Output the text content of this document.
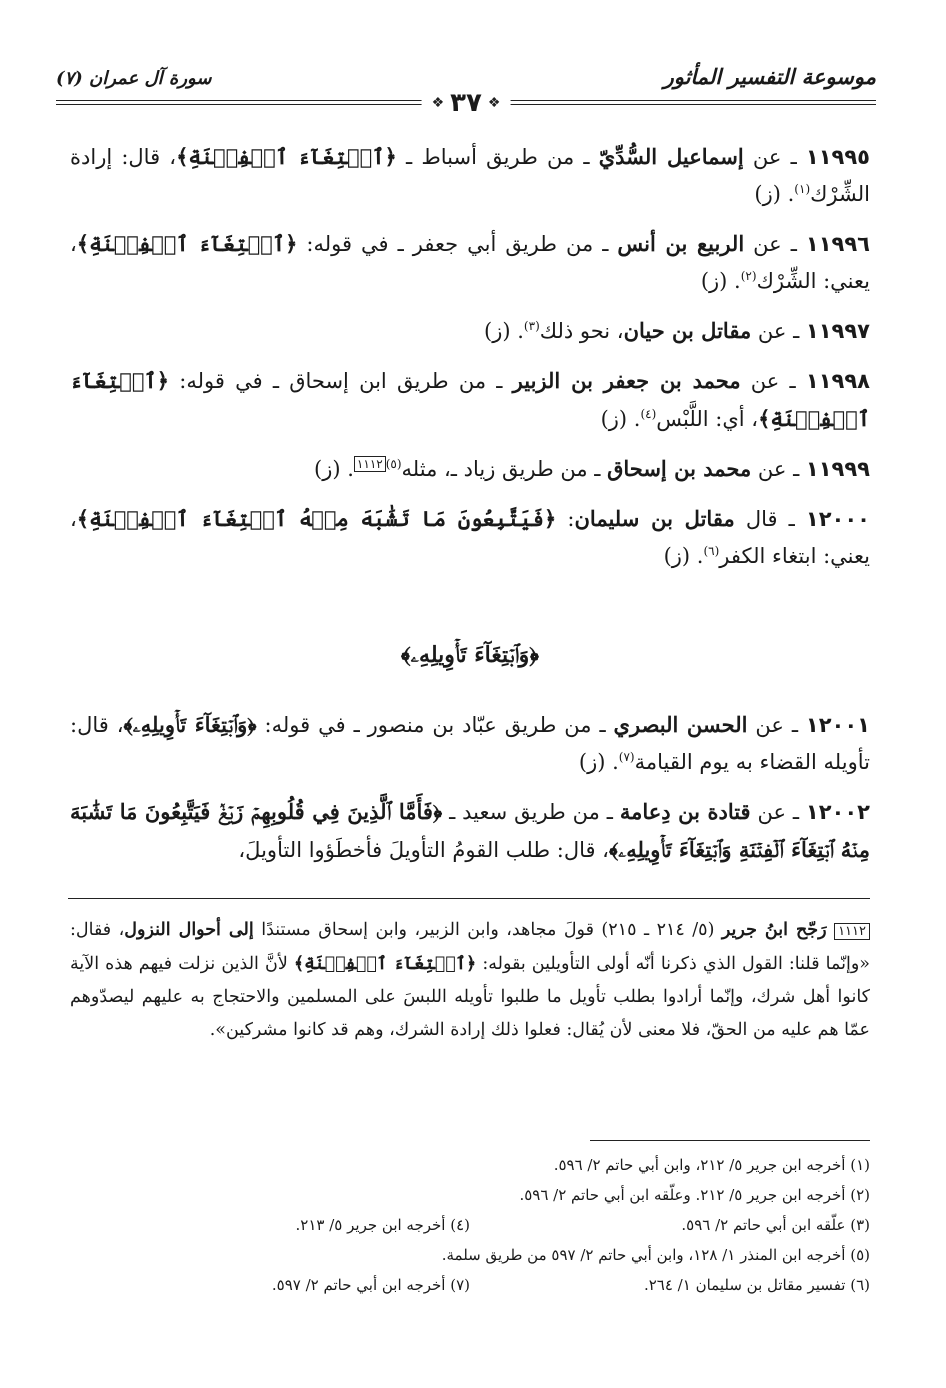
موسوعة التفسير المأثور
سورة آل عمران (٧)
❖
٣٧
❖
١١٩٩٥ ـ عن إسماعيل السُّدِّيّ ـ من طريق أسباط ـ ﴿ٱبۡتِغَآءَ ٱلۡفِتۡنَةِ﴾، قال: إرادة الشِّرْك$^{(١)}$. (ز)
١١٩٩٦ ـ عن الربيع بن أنس ـ من طريق أبي جعفر ـ في قوله: ﴿ٱبۡتِغَآءَ ٱلۡفِتۡنَةِ﴾، يعني: الشِّرْك$^{(٢)}$. (ز)
١١٩٩٧ ـ عن مقاتل بن حيان، نحو ذلك$^{(٣)}$. (ز)
١١٩٩٨ ـ عن محمد بن جعفر بن الزبير ـ من طريق ابن إسحاق ـ في قوله: ﴿ٱبۡتِغَآءَ ٱلۡفِتۡنَةِ﴾، أي: اللَّبْس$^{(٤)}$. (ز)
١١٩٩٩ ـ عن محمد بن إسحاق ـ من طريق زياد ـ، مثله$^{(٥)١١١٢}$. (ز)
١٢٠٠٠ ـ قال مقاتل بن سليمان: ﴿فَيَتَّبِعُونَ مَا تَشَٰبَهَ مِنۡهُ ٱبۡتِغَآءَ ٱلۡفِتۡنَةِ﴾، يعني: ابتغاء الكفر$^{(٦)}$. (ز)
﴿وَٱبۡتِغَآءَ تَأۡوِيلِهِۦ﴾
١٢٠٠١ ـ عن الحسن البصري ـ من طريق عبّاد بن منصور ـ في قوله: ﴿وَٱبۡتِغَآءَ تَأۡوِيلِهِۦ﴾، قال: تأويله القضاء به يوم القيامة$^{(٧)}$. (ز)
١٢٠٠٢ ـ عن قتادة بن دِعامة ـ من طريق سعيد ـ ﴿فَأَمَّا ٱلَّذِينَ فِي قُلُوبِهِمۡ زَيۡغٞ فَيَتَّبِعُونَ مَا تَشَٰبَهَ مِنۡهُ ٱبۡتِغَآءَ ٱلۡفِتۡنَةِ وَٱبۡتِغَآءَ تَأۡوِيلِهِۦ﴾، قال: طلب القومُ التأويلَ فأخطَؤوا التأويلَ،
١١١٢ رَجّح ابنُ جرير (٥/ ٢١٤ ـ ٢١٥) قولَ مجاهد، وابن الزبير، وابن إسحاق مستندًا إلى أحوال النزول، فقال: «وإنّما قلنا: القول الذي ذكرنا أنّه أولى التأويلين بقوله: ﴿ٱبۡتِغَآءَ ٱلۡفِتۡنَةِ﴾ لأنَّ الذين نزلت فيهم هذه الآية كانوا أهل شرك، وإنّما أرادوا بطلب تأويل ما طلبوا تأويله اللبسَ على المسلمين والاحتجاج به عليهم ليصدّوهم عمّا هم عليه من الحقّ، فلا معنى لأن يُقال: فعلوا ذلك إرادة الشرك، وهم قد كانوا مشركين».
(١) أخرجه ابن جرير ٥/ ٢١٢، وابن أبي حاتم ٢/ ٥٩٦.
(٢) أخرجه ابن جرير ٥/ ٢١٢. وعلّقه ابن أبي حاتم ٢/ ٥٩٦.
(٣) علّقه ابن أبي حاتم ٢/ ٥٩٦.
(٤) أخرجه ابن جرير ٥/ ٢١٣.
(٥) أخرجه ابن المنذر ١/ ١٢٨، وابن أبي حاتم ٢/ ٥٩٧ من طريق سلمة.
(٦) تفسير مقاتل بن سليمان ١/ ٢٦٤.
(٧) أخرجه ابن أبي حاتم ٢/ ٥٩٧.
